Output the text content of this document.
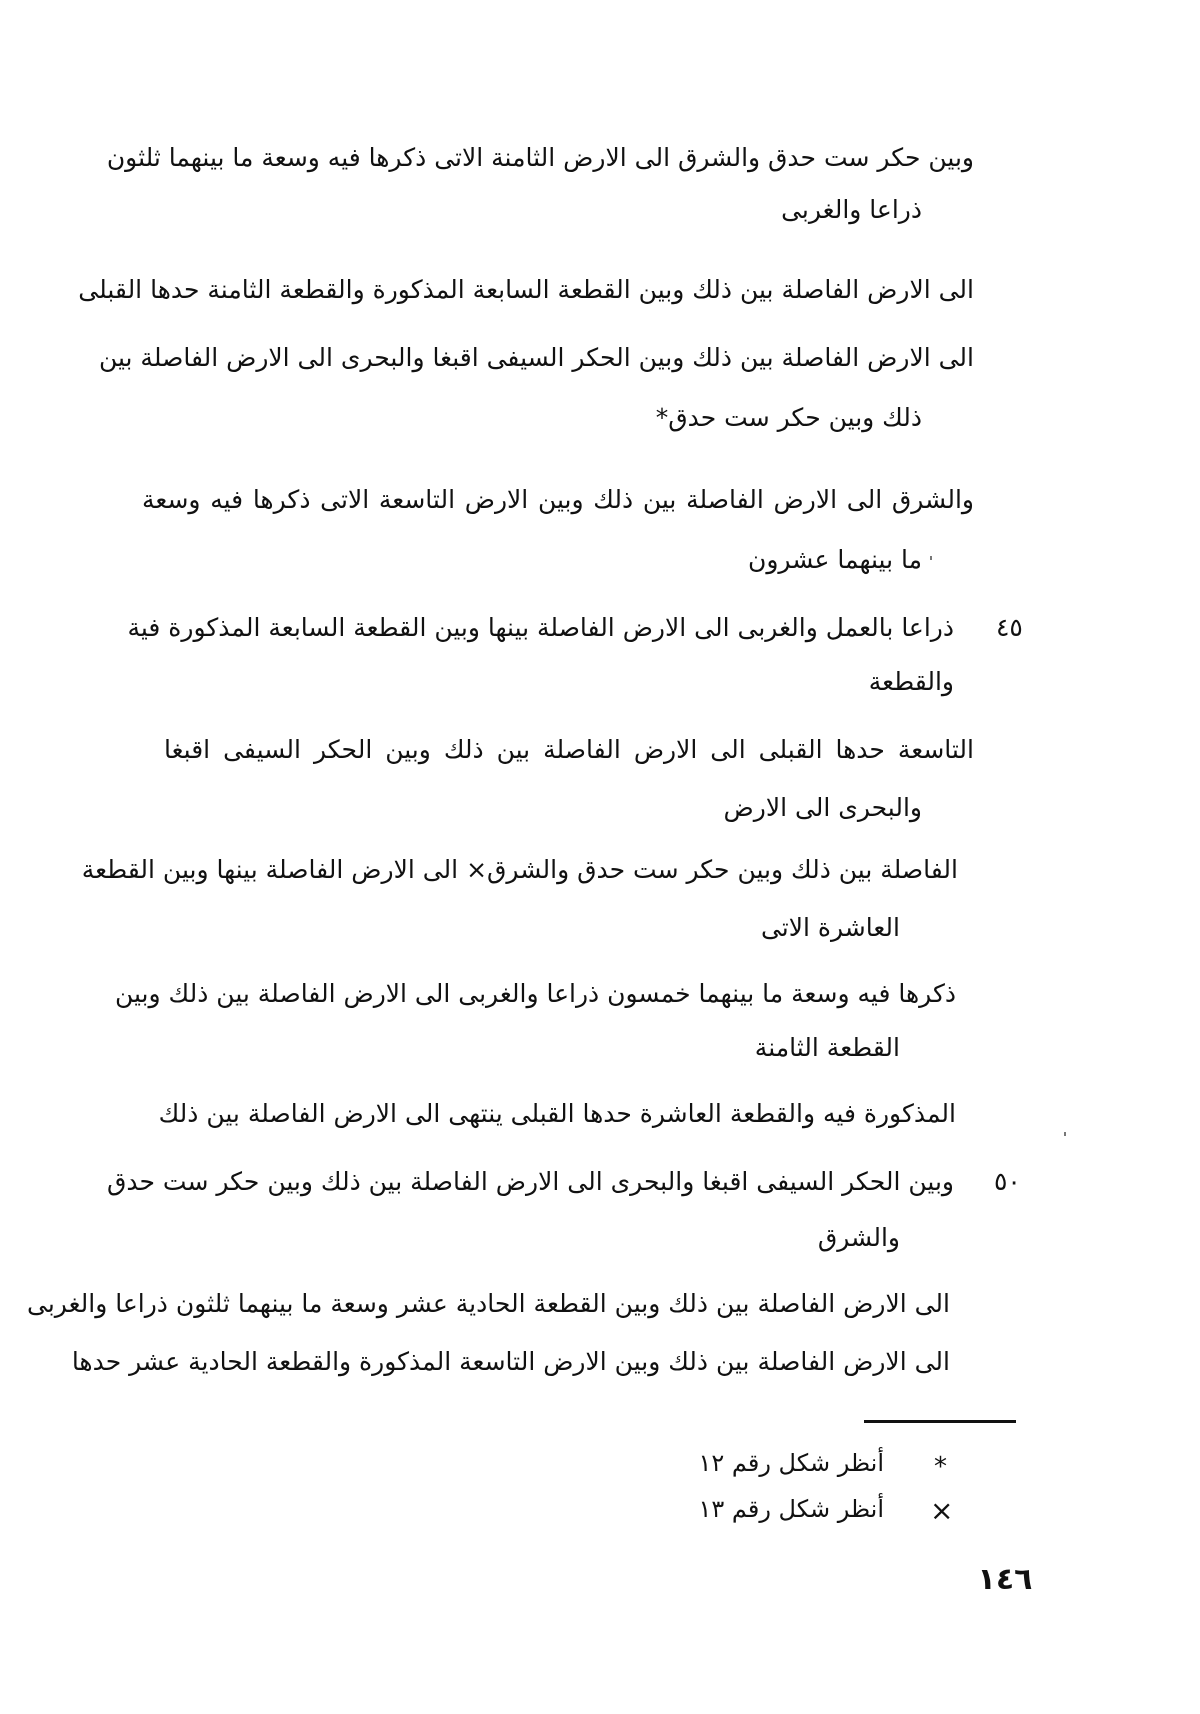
وبين حكر ست حدق والشرق الى الارض الثامنة الاتى ذكرها فيه وسعة ما بينهما ثلثون
ذراعا والغربى
الى الارض الفاصلة بين ذلك وبين القطعة السابعة المذكورة والقطعة الثامنة حدها القبلى
الى الارض الفاصلة بين ذلك وبين الحكر السيفى اقبغا والبحرى الى الارض الفاصلة بين
ذلك وبين حكر ست حدق*
والشرق الى الارض الفاصلة بين ذلك وبين الارض التاسعة الاتى ذكرها فيه وسعة
ما بينهما عشرون
٤٥
ذراعا بالعمل والغربى الى الارض الفاصلة بينها وبين القطعة السابعة المذكورة فية
والقطعة
التاسعة حدها القبلى الى الارض الفاصلة بين ذلك وبين الحكر السيفى اقبغا
والبحرى الى الارض
الفاصلة بين ذلك وبين حكر ست حدق والشرق× الى الارض الفاصلة بينها وبين القطعة
العاشرة الاتى
ذكرها فيه وسعة ما بينهما خمسون ذراعا والغربى الى الارض الفاصلة بين ذلك وبين
القطعة الثامنة
المذكورة فيه والقطعة العاشرة حدها القبلى ينتهى الى الارض الفاصلة بين ذلك
٥٠
وبين الحكر السيفى اقبغا والبحرى الى الارض الفاصلة بين ذلك وبين حكر ست حدق
والشرق
الى الارض الفاصلة بين ذلك وبين القطعة الحادية عشر وسعة ما بينهما ثلثون ذراعا والغربى
الى الارض الفاصلة بين ذلك وبين الارض التاسعة المذكورة والقطعة الحادية عشر حدها
*
أنظر شكل رقم ١٢
×
أنظر شكل رقم ١٣
١٤٦
